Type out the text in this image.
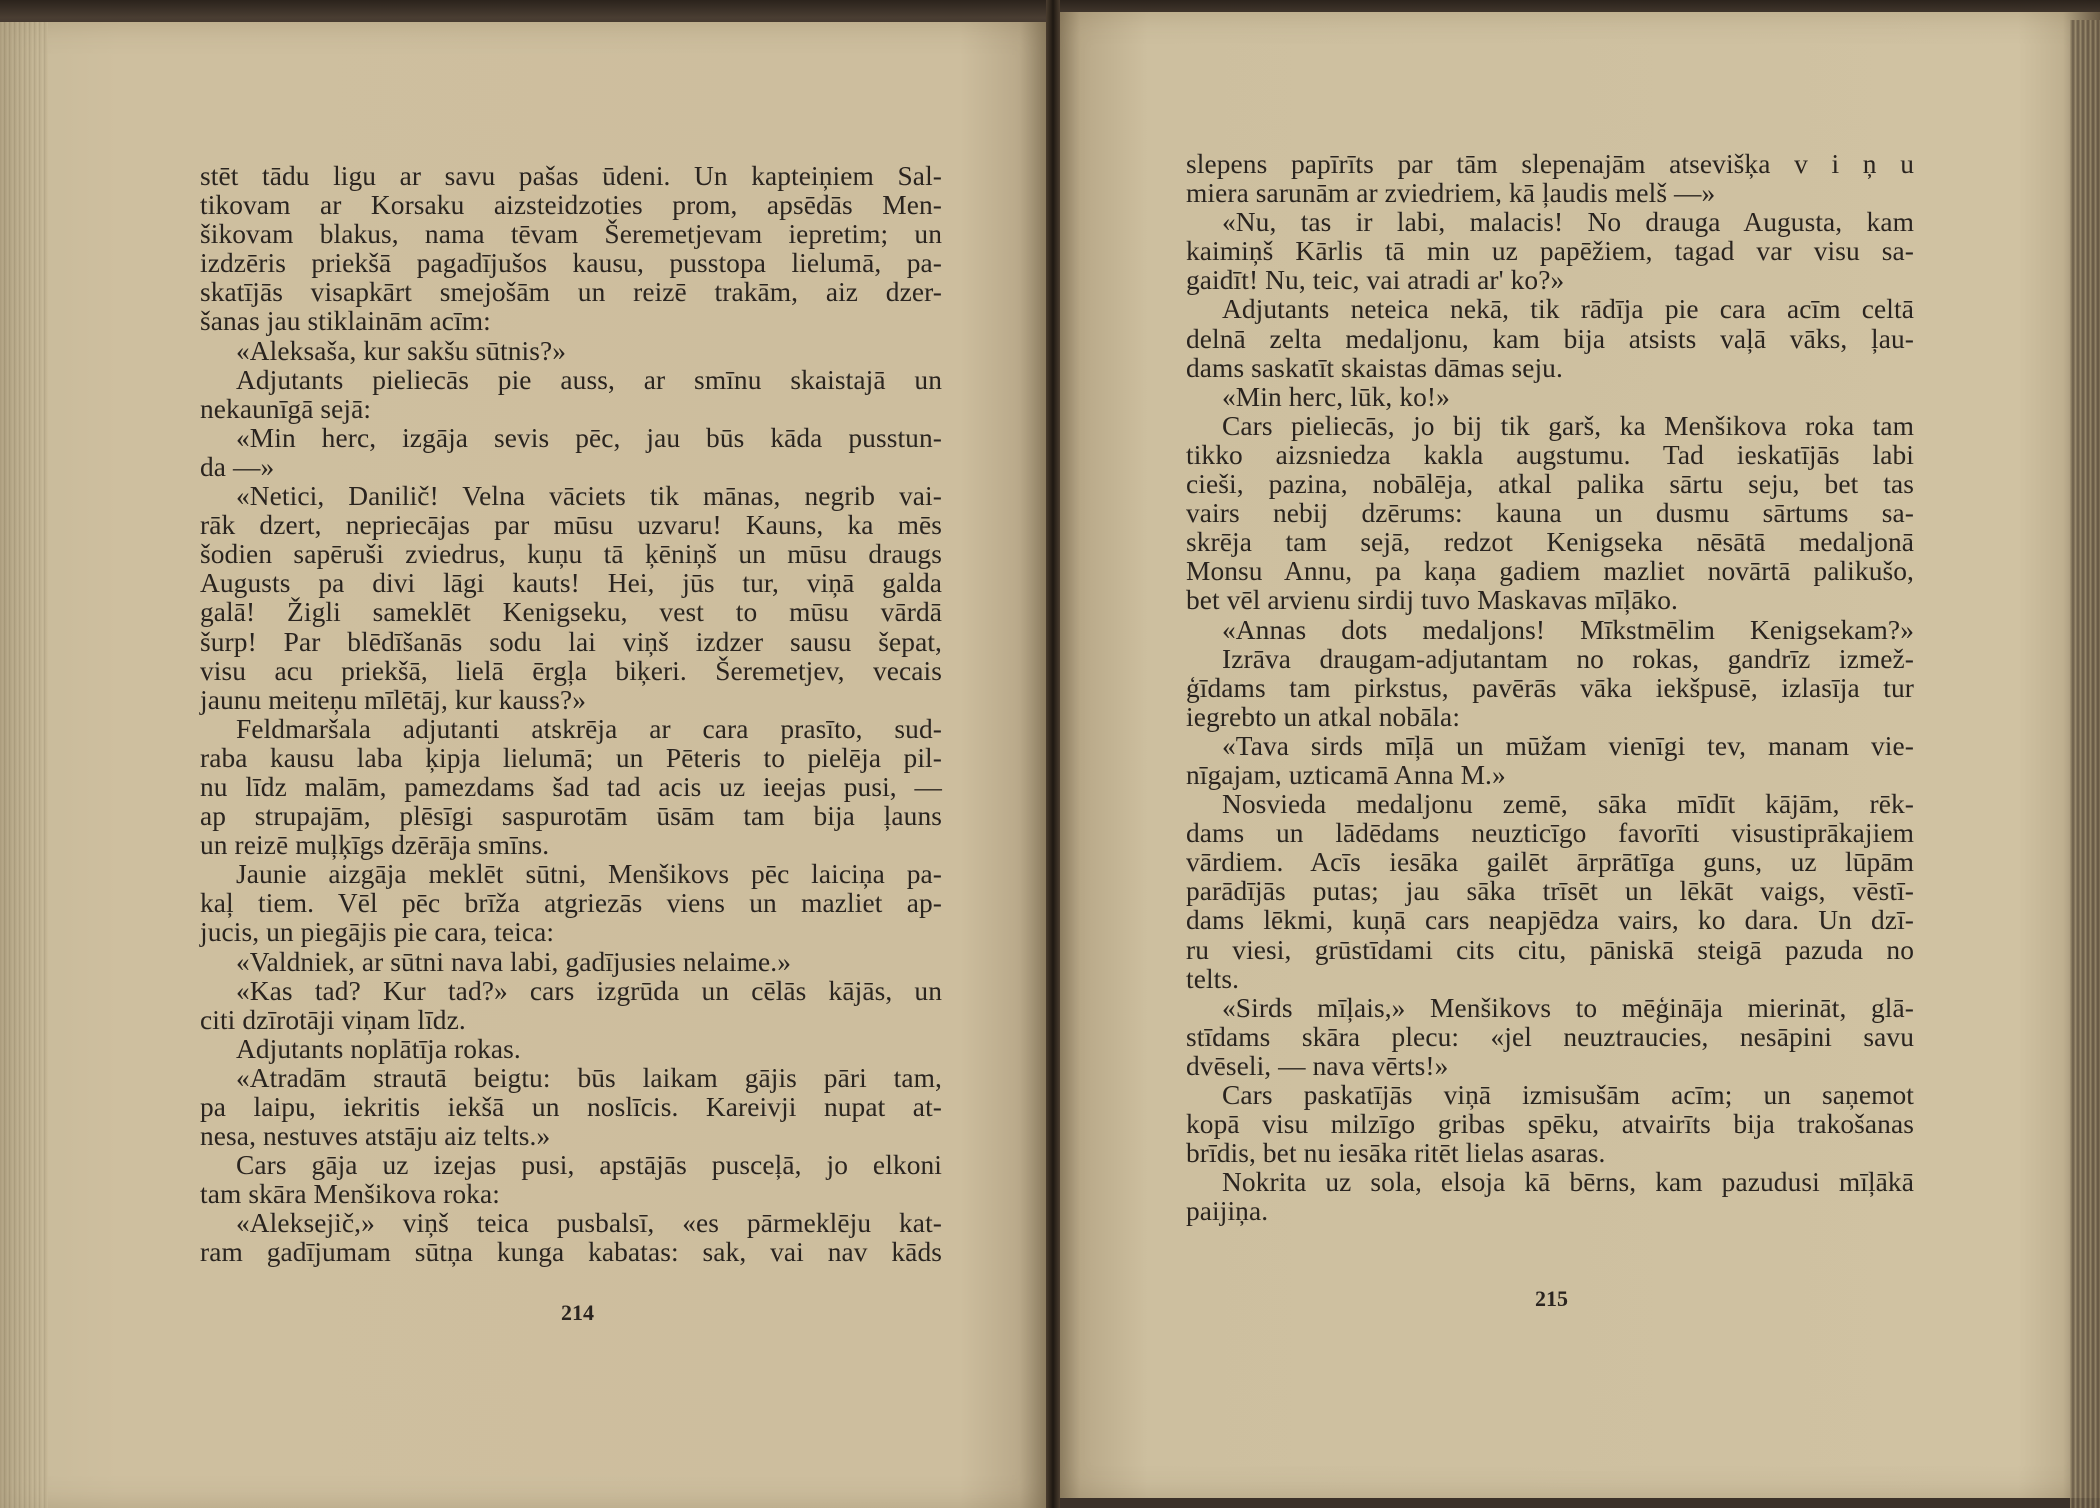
stēt tādu ligu ar savu pašas ūdeni. Un kapteiņiem Sal-
tikovam ar Korsaku aizsteidzoties prom, apsēdās Men-
šikovam blakus, nama tēvam Šeremetjevam iepretim; un
izdzēris priekšā pagadījušos kausu, pusstopa lielumā, pa-
skatījās visapkārt smejošām un reizē trakām, aiz dzer-
šanas jau stiklainām acīm:
«Aleksaša, kur sakšu sūtnis?»
Adjutants pieliecās pie auss, ar smīnu skaistajā un
nekaunīgā sejā:
«Min herc, izgāja sevis pēc, jau būs kāda pusstun-
da —»
«Netici, Danilič! Velna vāciets tik mānas, negrib vai-
rāk dzert, nepriecājas par mūsu uzvaru! Kauns, ka mēs
šodien sapēruši zviedrus, kuņu tā ķēniņš un mūsu draugs
Augusts pa divi lāgi kauts! Hei, jūs tur, viņā galda
galā! Žigli sameklēt Kenigseku, vest to mūsu vārdā
šurp! Par blēdīšanās sodu lai viņš izdzer sausu šepat,
visu acu priekšā, lielā ērgļa biķeri. Šeremetjev, vecais
jaunu meiteņu mīlētāj, kur kauss?»
Feldmaršala adjutanti atskrēja ar cara prasīto, sud-
raba kausu laba ķipja lielumā; un Pēteris to pielēja pil-
nu līdz malām, pamezdams šad tad acis uz ieejas pusi, —
ap strupajām, plēsīgi saspurotām ūsām tam bija ļauns
un reizē muļķīgs dzērāja smīns.
Jaunie aizgāja meklēt sūtni, Menšikovs pēc laiciņa pa-
kaļ tiem. Vēl pēc brīža atgriezās viens un mazliet ap-
jucis, un piegājis pie cara, teica:
«Valdniek, ar sūtni nava labi, gadījusies nelaime.»
«Kas tad? Kur tad?» cars izgrūda un cēlās kājās, un
citi dzīrotāji viņam līdz.
Adjutants noplātīja rokas.
«Atradām strautā beigtu: būs laikam gājis pāri tam,
pa laipu, iekritis iekšā un noslīcis. Kareivji nupat at-
nesa, nestuves atstāju aiz telts.»
Cars gāja uz izejas pusi, apstājās pusceļā, jo elkoni
tam skāra Menšikova roka:
«Aleksejič,» viņš teica pusbalsī, «es pārmeklēju kat-
ram gadījumam sūtņa kunga kabatas: sak, vai nav kāds
214
slepens papīrīts par tām slepenajām atsevišķa v i ņ u
miera sarunām ar zviedriem, kā ļaudis melš —»
«Nu, tas ir labi, malacis! No drauga Augusta, kam
kaimiņš Kārlis tā min uz papēžiem, tagad var visu sa-
gaidīt! Nu, teic, vai atradi ar' ko?»
Adjutants neteica nekā, tik rādīja pie cara acīm celtā
delnā zelta medaljonu, kam bija atsists vaļā vāks, ļau-
dams saskatīt skaistas dāmas seju.
«Min herc, lūk, ko!»
Cars pieliecās, jo bij tik garš, ka Menšikova roka tam
tikko aizsniedza kakla augstumu. Tad ieskatījās labi
cieši, pazina, nobālēja, atkal palika sārtu seju, bet tas
vairs nebij dzērums: kauna un dusmu sārtums sa-
skrēja tam sejā, redzot Kenigseka nēsātā medaljonā
Monsu Annu, pa kaņa gadiem mazliet novārtā palikušo,
bet vēl arvienu sirdij tuvo Maskavas mīļāko.
«Annas dots medaljons! Mīkstmēlim Kenigsekam?»
Izrāva draugam-adjutantam no rokas, gandrīz izmež-
ģīdams tam pirkstus, pavērās vāka iekšpusē, izlasīja tur
iegrebto un atkal nobāla:
«Tava sirds mīļā un mūžam vienīgi tev, manam vie-
nīgajam, uzticamā Anna M.»
Nosvieda medaljonu zemē, sāka mīdīt kājām, rēk-
dams un lādēdams neuzticīgo favorīti visustiprākajiem
vārdiem. Acīs iesāka gailēt ārprātīga guns, uz lūpām
parādījās putas; jau sāka trīsēt un lēkāt vaigs, vēstī-
dams lēkmi, kuņā cars neapjēdza vairs, ko dara. Un dzī-
ru viesi, grūstīdami cits citu, pāniskā steigā pazuda no
telts.
«Sirds mīļais,» Menšikovs to mēģināja mierināt, glā-
stīdams skāra plecu: «jel neuztraucies, nesāpini savu
dvēseli, — nava vērts!»
Cars paskatījās viņā izmisušām acīm; un saņemot
kopā visu milzīgo gribas spēku, atvairīts bija trakošanas
brīdis, bet nu iesāka ritēt lielas asaras.
Nokrita uz sola, elsoja kā bērns, kam pazudusi mīļākā
paijiņa.
215
